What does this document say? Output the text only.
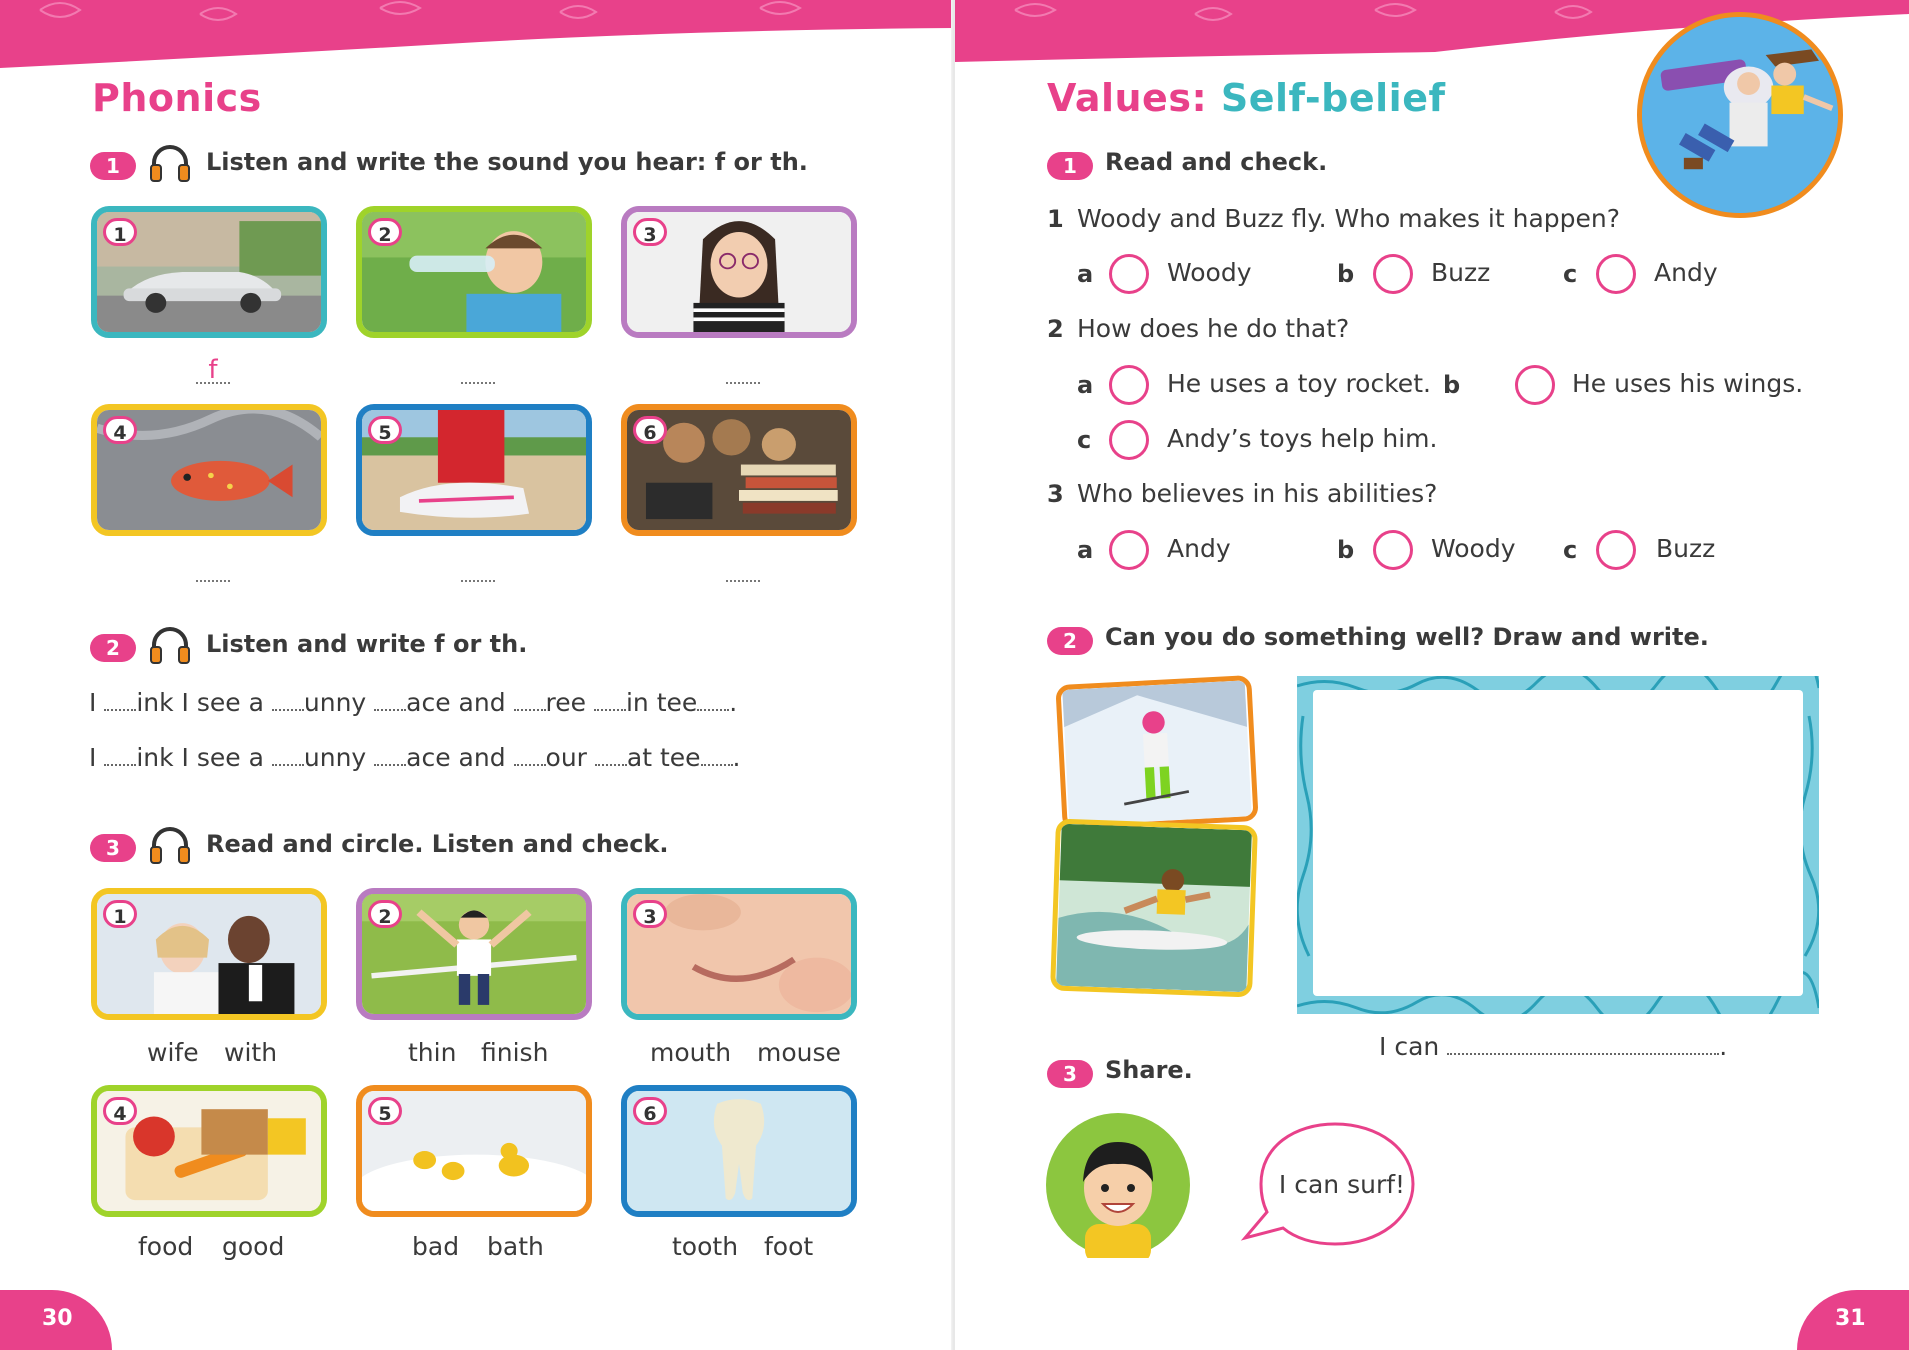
Phonics
1	Listen and write the sound you hear: f or th.
1	2	3
f
4	5	6
2	Listen and write f or th.
I ink I see a unny ace and ree in tee .
I ink I see a unny ace and our at tee .
3	Read and circle. Listen and check.
1	2	3
wife with	thin finish	mouth mouse
4	5	6
food good	bad bath	tooth foot
30
Values: Self-belief
1	Read and check.
1 Woody and Buzz fly. Who makes it happen?
a	Woody	b	Buzz	c	Andy
2 How does he do that?
a	He uses a toy rocket. b	He uses his wings.
c	Andy’s toys help him.
3 Who believes in his abilities?
a	Andy	b	Woody c	Buzz
2	Can you do something well? Draw and write.
I can	.
3	Share.
I can surf!
31
